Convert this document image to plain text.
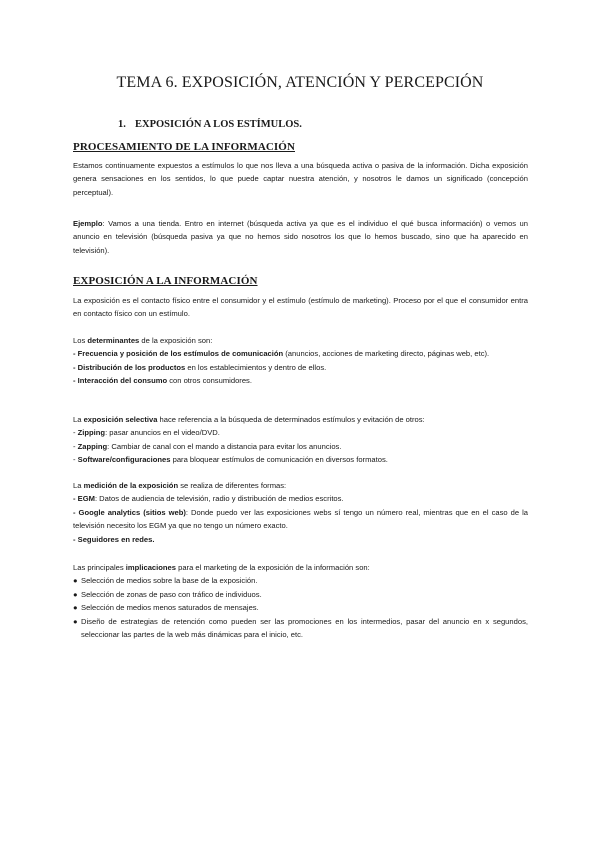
TEMA 6. EXPOSICIÓN, ATENCIÓN Y PERCEPCIÓN
1. EXPOSICIÓN A LOS ESTÍMULOS.
PROCESAMIENTO DE LA INFORMACIÓN
Estamos continuamente expuestos a estímulos lo que nos lleva a una búsqueda activa o pasiva de la información. Dicha exposición genera sensaciones en los sentidos, lo que puede captar nuestra atención, y nosotros le damos un significado (concepción perceptual).
Ejemplo: Vamos a una tienda. Entro en internet (búsqueda activa ya que es el individuo el qué busca información) o vemos un anuncio en televisión (búsqueda pasiva ya que no hemos sido nosotros los que lo hemos buscado, sino que ha aparecido en televisión).
EXPOSICIÓN A LA INFORMACIÓN
La exposición es el contacto físico entre el consumidor y el estímulo (estímulo de marketing). Proceso por el que el consumidor entra en contacto físico con un estímulo.
Los determinantes de la exposición son:
- Frecuencia y posición de los estímulos de comunicación (anuncios, acciones de marketing directo, páginas web, etc).
- Distribución de los productos en los establecimientos y dentro de ellos.
- Interacción del consumo con otros consumidores.
La exposición selectiva hace referencia a la búsqueda de determinados estímulos y evitación de otros:
- Zipping: pasar anuncios en el video/DVD.
- Zapping: Cambiar de canal con el mando a distancia para evitar los anuncios.
- Software/configuraciones para bloquear estímulos de comunicación en diversos formatos.
La medición de la exposición se realiza de diferentes formas:
- EGM: Datos de audiencia de televisión, radio y distribución de medios escritos.
- Google analytics (sitios web): Donde puedo ver las exposiciones webs sí tengo un número real, mientras que en el caso de la televisión necesito los EGM ya que no tengo un número exacto.
- Seguidores en redes.
Las principales implicaciones para el marketing de la exposición de la información son:
● Selección de medios sobre la base de la exposición.
● Selección de zonas de paso con tráfico de individuos.
● Selección de medios menos saturados de mensajes.
● Diseño de estrategias de retención como pueden ser las promociones en los intermedios, pasar del anuncio en x segundos, seleccionar las partes de la web más dinámicas para el inicio, etc.
